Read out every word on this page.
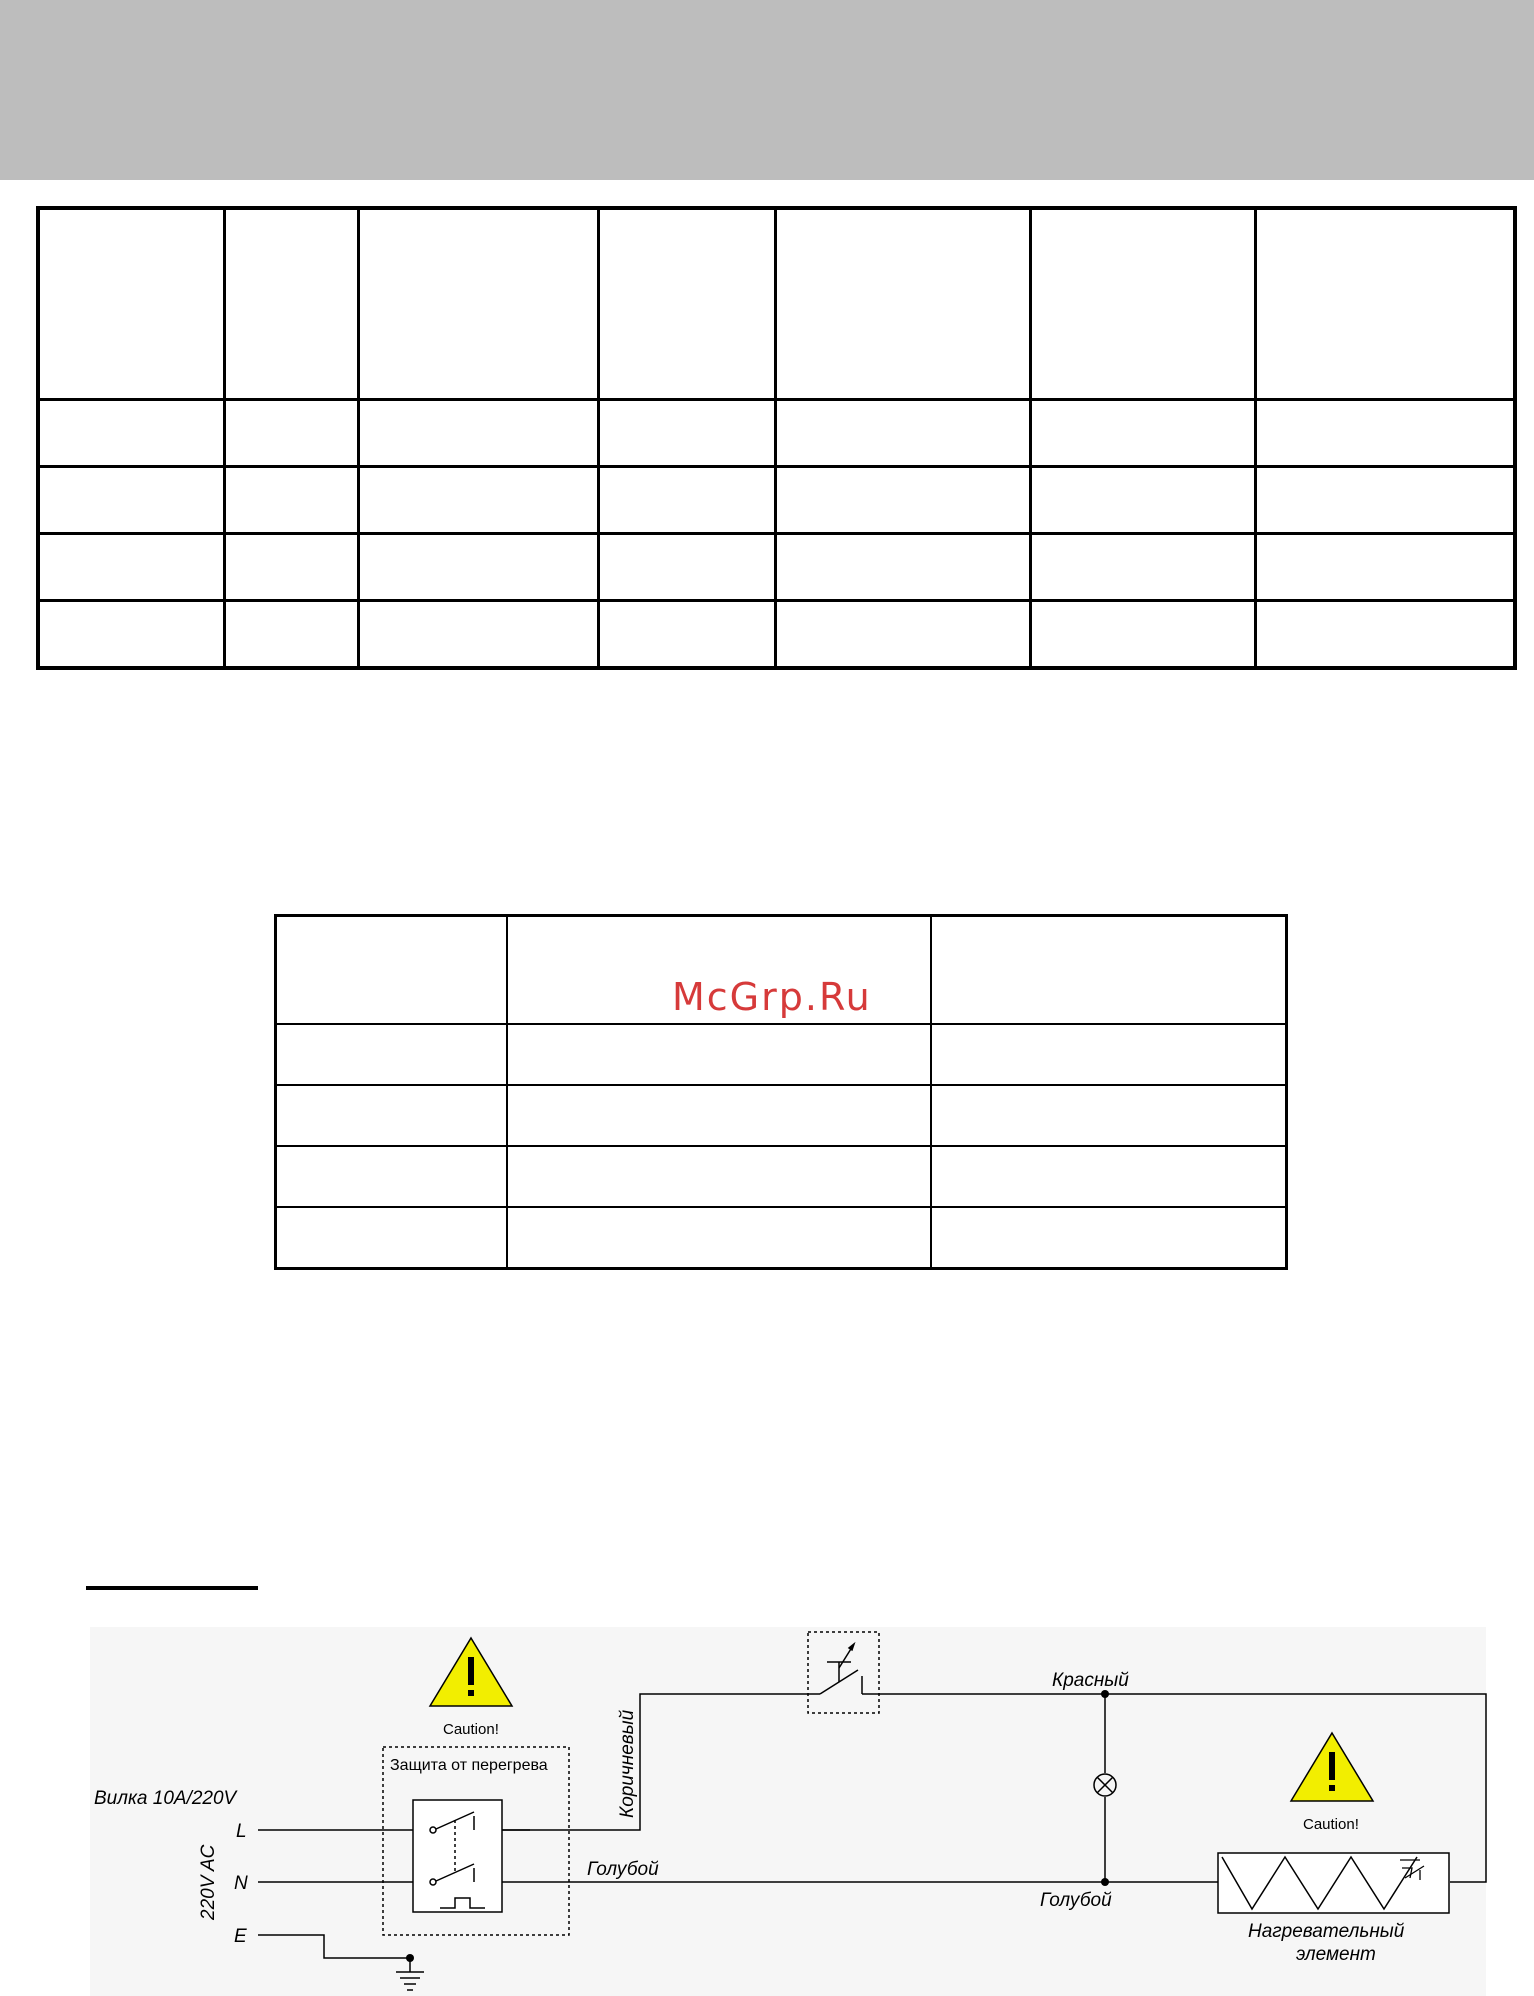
McGrp.Ru
Caution!
Caution!
Защита от перегрева
Вилка 10A/220V
L
N
E
220V AC
Коричневый
Голубой
Красный
Голубой
Нагревательный
элемент
